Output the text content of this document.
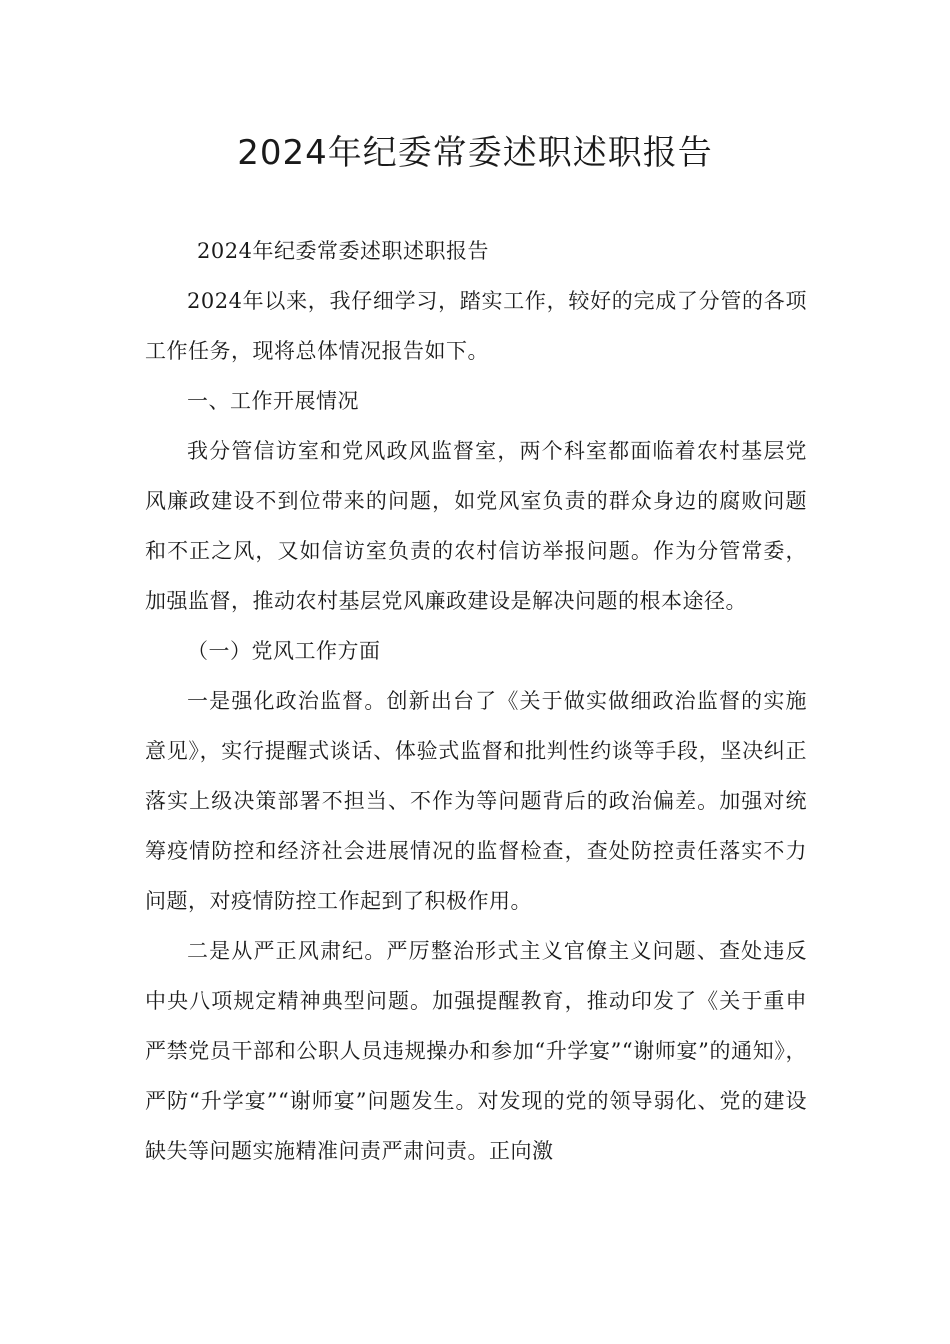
2024年纪委常委述职述职报告

2024年纪委常委述职述职报告

2024年以来，我仔细学习，踏实工作，较好的完成了分管的各项工作任务，现将总体情况报告如下。

一、工作开展情况

我分管信访室和党风政风监督室，两个科室都面临着农村基层党风廉政建设不到位带来的问题，如党风室负责的群众身边的腐败问题和不正之风，又如信访室负责的农村信访举报问题。作为分管常委，加强监督，推动农村基层党风廉政建设是解决问题的根本途径。

（一）党风工作方面

一是强化政治监督。创新出台了《关于做实做细政治监督的实施意见》，实行提醒式谈话、体验式监督和批判性约谈等手段，坚决纠正落实上级决策部署不担当、不作为等问题背后的政治偏差。加强对统筹疫情防控和经济社会进展情况的监督检查，查处防控责任落实不力问题，对疫情防控工作起到了积极作用。

二是从严正风肃纪。严厉整治形式主义官僚主义问题、查处违反中央八项规定精神典型问题。加强提醒教育，推动印发了《关于重申严禁党员干部和公职人员违规操办和参加“升学宴”“谢师宴”的通知》，严防“升学宴”“谢师宴”问题发生。对发现的党的领导弱化、党的建设缺失等问题实施精准问责严肃问责。正向激
